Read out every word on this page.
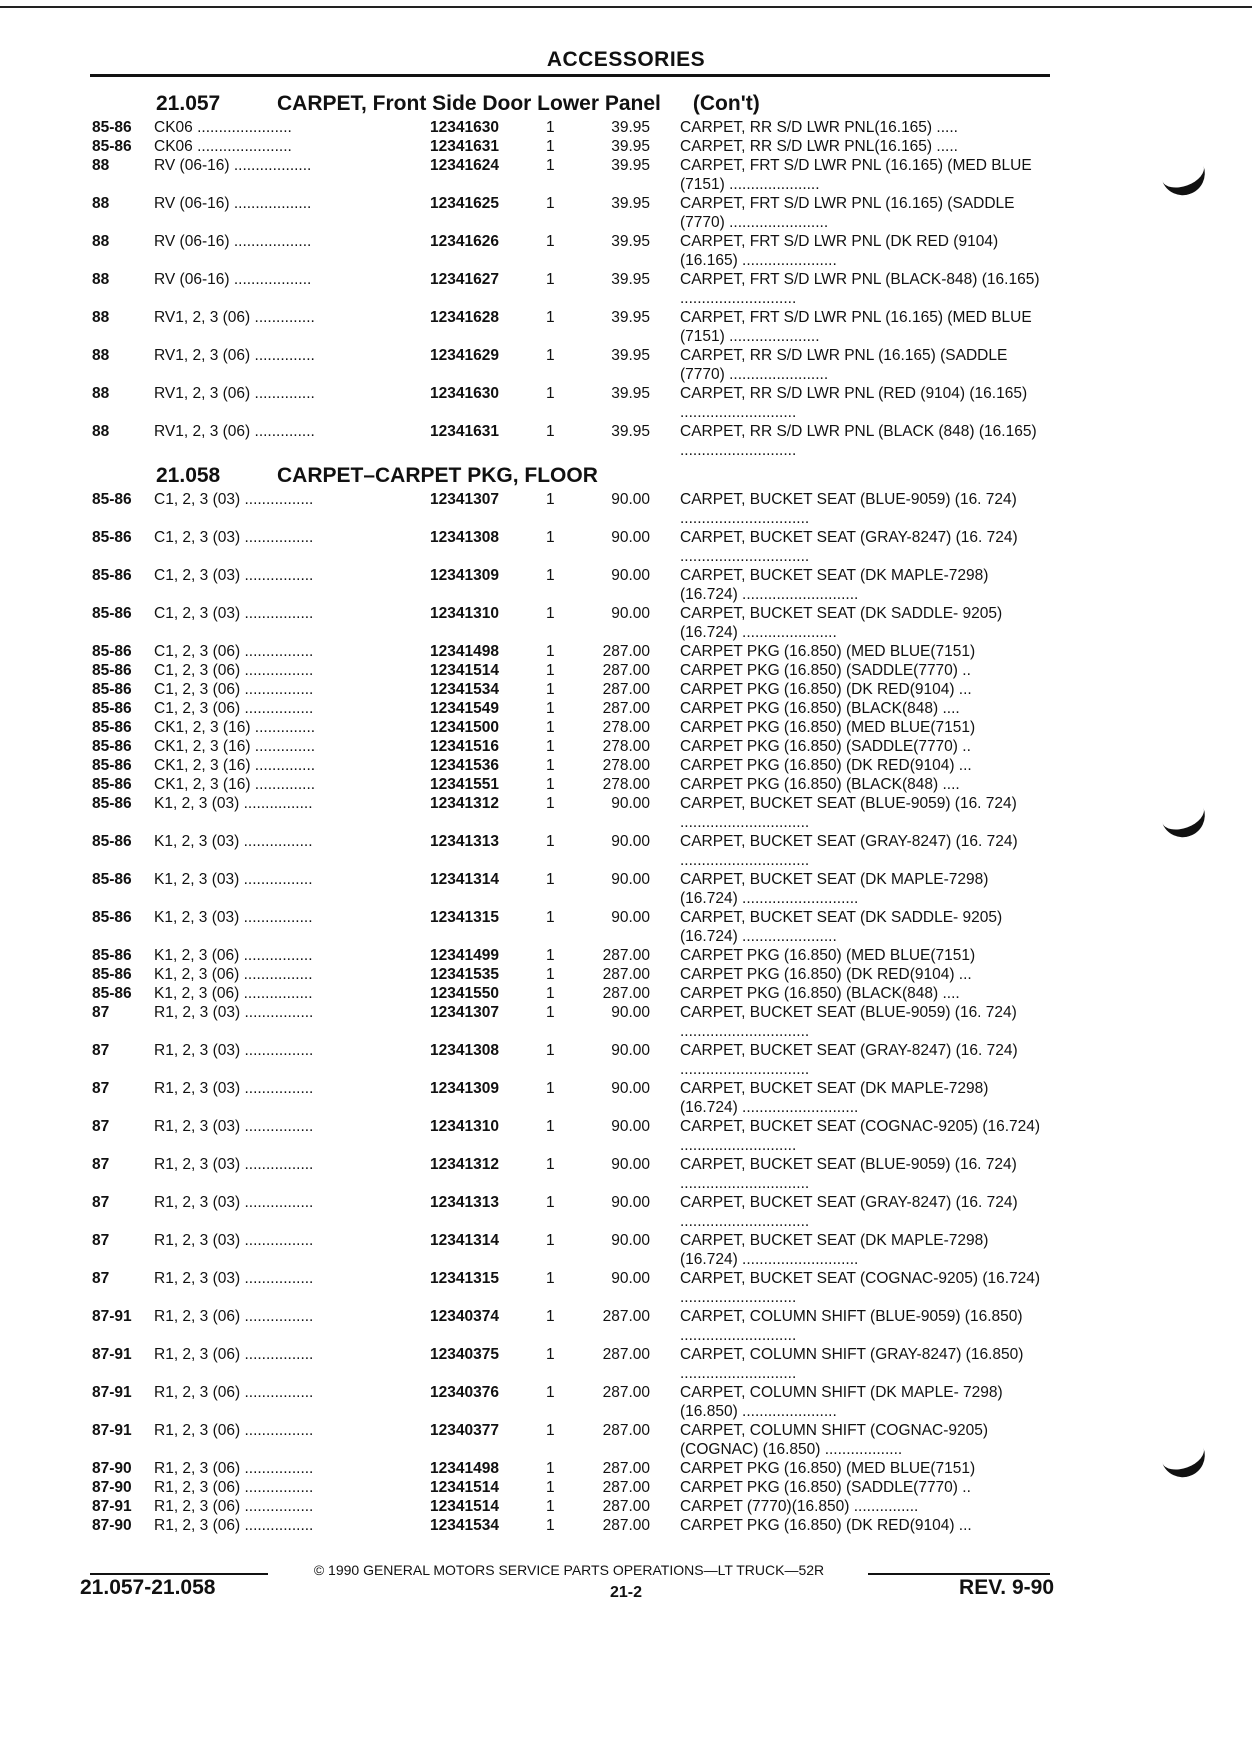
ACCESSORIES
21.057	CARPET, Front Side Door Lower Panel (Con't)
85-86	CK06 ......................	12341630	1	39.95 CARPET, RR S/D LWR PNL(16.165) .....
85-86	CK06 ......................	12341631	1	39.95 CARPET, RR S/D LWR PNL(16.165) .....
88	RV (06-16) ..................	12341624	1	39.95 CARPET, FRT S/D LWR PNL (16.165) (MED BLUE (7151) .....................
88	RV (06-16) ..................	12341625	1	39.95 CARPET, FRT S/D LWR PNL (16.165) (SADDLE (7770) .......................
88	RV (06-16) ..................	12341626	1	39.95 CARPET, FRT S/D LWR PNL (DK RED (9104) (16.165) ......................
88	RV (06-16) ..................	12341627	1	39.95 CARPET, FRT S/D LWR PNL (BLACK-848) (16.165) ...........................
88	RV1, 2, 3 (06) ..............	12341628	1	39.95 CARPET, FRT S/D LWR PNL (16.165) (MED BLUE (7151) .....................
88	RV1, 2, 3 (06) ..............	12341629	1	39.95 CARPET, RR S/D LWR PNL (16.165) (SADDLE (7770) .......................
88	RV1, 2, 3 (06) ..............	12341630	1	39.95 CARPET, RR S/D LWR PNL (RED (9104) (16.165) ...........................
88	RV1, 2, 3 (06) ..............	12341631	1	39.95 CARPET, RR S/D LWR PNL (BLACK (848) (16.165) ...........................
21.058	CARPET–CARPET PKG, FLOOR
85-86	C1, 2, 3 (03) ................	12341307	1	90.00 CARPET, BUCKET SEAT (BLUE-9059) (16. 724) ..............................
85-86	C1, 2, 3 (03) ................	12341308	1	90.00 CARPET, BUCKET SEAT (GRAY-8247) (16. 724) ..............................
85-86	C1, 2, 3 (03) ................	12341309	1	90.00 CARPET, BUCKET SEAT (DK MAPLE-7298) (16.724) ...........................
85-86	C1, 2, 3 (03) ................	12341310	1	90.00 CARPET, BUCKET SEAT (DK SADDLE- 9205) (16.724) ......................
85-86	C1, 2, 3 (06) ................	12341498	1	287.00 CARPET PKG (16.850) (MED BLUE(7151)
85-86	C1, 2, 3 (06) ................	12341514	1	287.00 CARPET PKG (16.850) (SADDLE(7770) ..
85-86	C1, 2, 3 (06) ................	12341534	1	287.00 CARPET PKG (16.850) (DK RED(9104) ...
85-86	C1, 2, 3 (06) ................	12341549	1	287.00 CARPET PKG (16.850) (BLACK(848) ....
85-86	CK1, 2, 3 (16) ..............	12341500	1	278.00 CARPET PKG (16.850) (MED BLUE(7151)
85-86	CK1, 2, 3 (16) ..............	12341516	1	278.00 CARPET PKG (16.850) (SADDLE(7770) ..
85-86	CK1, 2, 3 (16) ..............	12341536	1	278.00 CARPET PKG (16.850) (DK RED(9104) ...
85-86	CK1, 2, 3 (16) ..............	12341551	1	278.00 CARPET PKG (16.850) (BLACK(848) ....
85-86	K1, 2, 3 (03) ................	12341312	1	90.00 CARPET, BUCKET SEAT (BLUE-9059) (16. 724) ..............................
85-86	K1, 2, 3 (03) ................	12341313	1	90.00 CARPET, BUCKET SEAT (GRAY-8247) (16. 724) ..............................
85-86	K1, 2, 3 (03) ................	12341314	1	90.00 CARPET, BUCKET SEAT (DK MAPLE-7298) (16.724) ...........................
85-86	K1, 2, 3 (03) ................	12341315	1	90.00 CARPET, BUCKET SEAT (DK SADDLE- 9205) (16.724) ......................
85-86	K1, 2, 3 (06) ................	12341499	1	287.00 CARPET PKG (16.850) (MED BLUE(7151)
85-86	K1, 2, 3 (06) ................	12341535	1	287.00 CARPET PKG (16.850) (DK RED(9104) ...
85-86	K1, 2, 3 (06) ................	12341550	1	287.00 CARPET PKG (16.850) (BLACK(848) ....
87	R1, 2, 3 (03) ................	12341307	1	90.00 CARPET, BUCKET SEAT (BLUE-9059) (16. 724) ..............................
87	R1, 2, 3 (03) ................	12341308	1	90.00 CARPET, BUCKET SEAT (GRAY-8247) (16. 724) ..............................
87	R1, 2, 3 (03) ................	12341309	1	90.00 CARPET, BUCKET SEAT (DK MAPLE-7298) (16.724) ...........................
87	R1, 2, 3 (03) ................	12341310	1	90.00 CARPET, BUCKET SEAT (COGNAC-9205) (16.724) ...........................
87	R1, 2, 3 (03) ................	12341312	1	90.00 CARPET, BUCKET SEAT (BLUE-9059) (16. 724) ..............................
87	R1, 2, 3 (03) ................	12341313	1	90.00 CARPET, BUCKET SEAT (GRAY-8247) (16. 724) ..............................
87	R1, 2, 3 (03) ................	12341314	1	90.00 CARPET, BUCKET SEAT (DK MAPLE-7298) (16.724) ...........................
87	R1, 2, 3 (03) ................	12341315	1	90.00 CARPET, BUCKET SEAT (COGNAC-9205) (16.724) ...........................
87-91	R1, 2, 3 (06) ................	12340374	1	287.00 CARPET, COLUMN SHIFT (BLUE-9059) (16.850) ...........................
87-91	R1, 2, 3 (06) ................	12340375	1	287.00 CARPET, COLUMN SHIFT (GRAY-8247) (16.850) ...........................
87-91	R1, 2, 3 (06) ................	12340376	1	287.00 CARPET, COLUMN SHIFT (DK MAPLE- 7298) (16.850) ......................
87-91	R1, 2, 3 (06) ................	12340377	1	287.00 CARPET, COLUMN SHIFT (COGNAC-9205) (COGNAC) (16.850) ..................
87-90	R1, 2, 3 (06) ................	12341498	1	287.00 CARPET PKG (16.850) (MED BLUE(7151)
87-90	R1, 2, 3 (06) ................	12341514	1	287.00 CARPET PKG (16.850) (SADDLE(7770) ..
87-91	R1, 2, 3 (06) ................	12341514	1	287.00 CARPET (7770)(16.850) ...............
87-90	R1, 2, 3 (06) ................	12341534	1	287.00 CARPET PKG (16.850) (DK RED(9104) ...
© 1990 GENERAL MOTORS SERVICE PARTS OPERATIONS—LT TRUCK—52R
21.057-21.058	21-2	REV. 9-90
